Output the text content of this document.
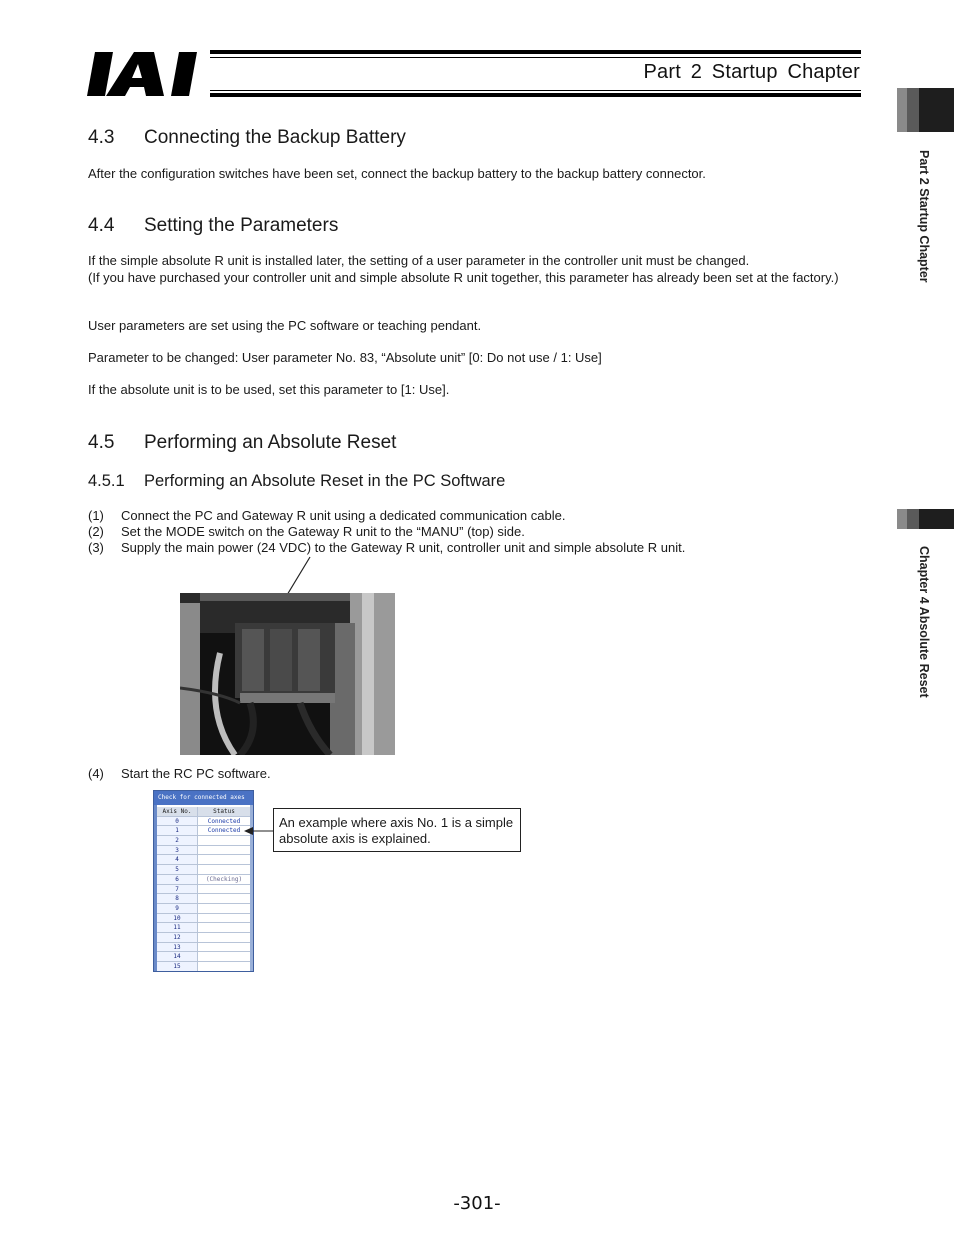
Part 2 Startup Chapter
Part 2 Startup Chapter
Chapter 4 Absolute Reset
4.3 Connecting the Backup Battery

After the configuration switches have been set, connect the backup battery to the backup battery connector.

4.4 Setting the Parameters

If the simple absolute R unit is installed later, the setting of a user parameter in the controller unit must be changed.

(If you have purchased your controller unit and simple absolute R unit together, this parameter has already been set at the factory.)

User parameters are set using the PC software or teaching pendant.

Parameter to be changed: User parameter No. 83, “Absolute unit” [0: Do not use / 1: Use]

If the absolute unit is to be used, set this parameter to [1: Use].

4.5 Performing an Absolute Reset
4.5.1 Performing an Absolute Reset in the PC Software
(1) Connect the PC and Gateway R unit using a dedicated communication cable.
(2) Set the MODE switch on the Gateway R unit to the “MANU” (top) side.
(3) Supply the main power (24 VDC) to the Gateway R unit, controller unit and simple absolute R unit.
(4) Start the RC PC software.
Check for connected axes
Axis No.	Status
0	Connected
1	Connected
2
3
4
5
6	(Checking)
7
8
9
10
11
12
13
14
15
An example where axis No. 1 is a simple absolute axis is explained.
-301-
